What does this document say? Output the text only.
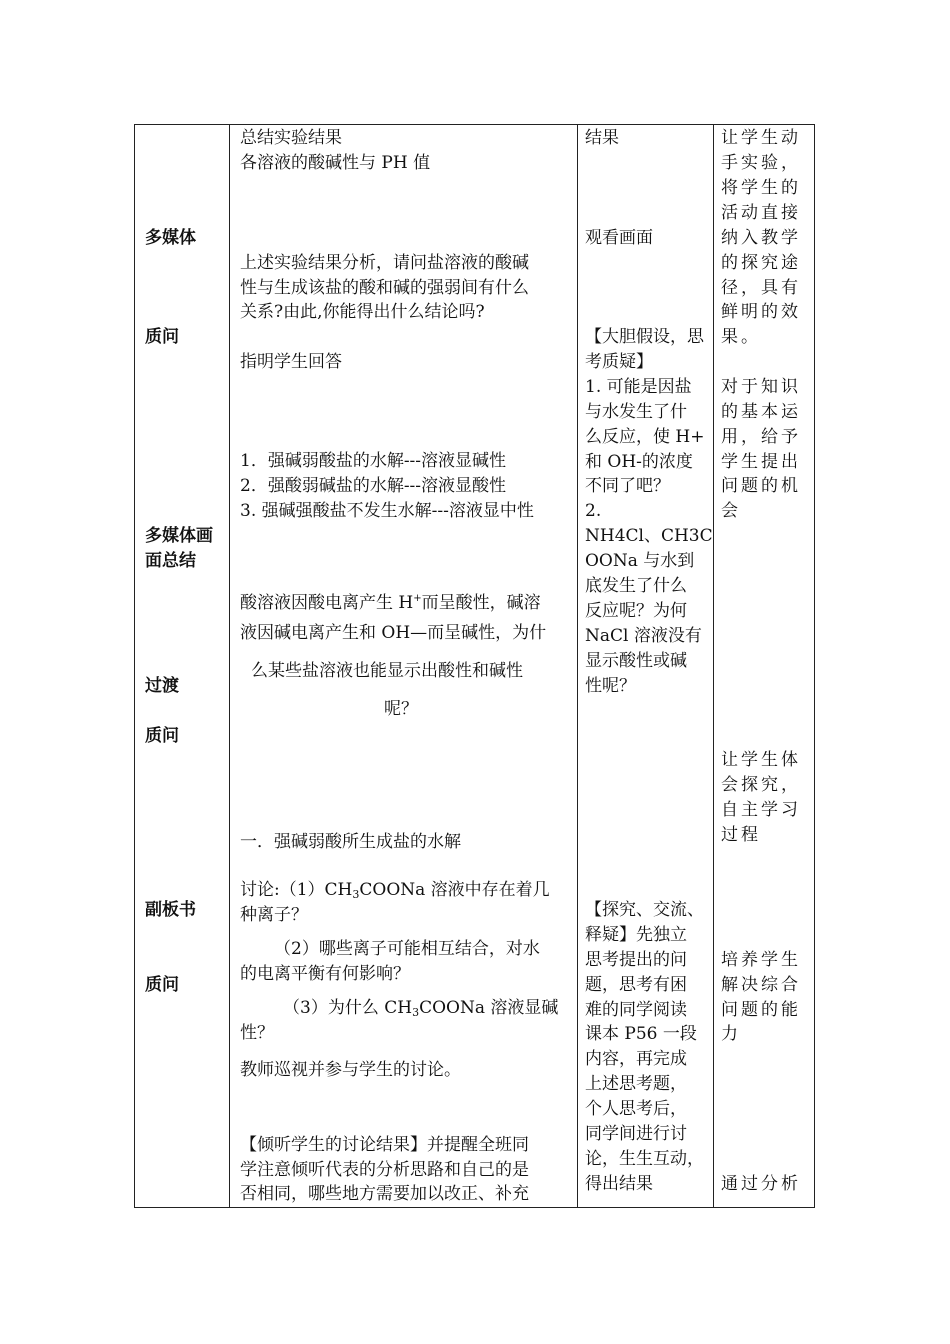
多媒体
质问
多媒体画
面总结
过渡
质问
副板书
质问
总结实验结果
各溶液的酸碱性与 PH 值
上述实验结果分析，请问盐溶液的酸碱
性与生成该盐的酸和碱的强弱间有什么
关系?由此,你能得出什么结论吗?
指明学生回答
1．强碱弱酸盐的水解---溶液显碱性
2．强酸弱碱盐的水解---溶液显酸性
3. 强碱强酸盐不发生水解---溶液显中性
酸溶液因酸电离产生 H+而呈酸性，碱溶
液因碱电离产生和 OH—而呈碱性，为什
么某些盐溶液也能显示出酸性和碱性
呢？
一．强碱弱酸所生成盐的水解
讨论$:(1)CH_3COONa$ 溶液中存在着几
种离子？
（2）哪些离子可能相互结合，对水
的电离平衡有何影响？
（3）为什么 $CH_3COONa$ 溶液显碱
性？
教师巡视并参与学生的讨论。
【倾听学生的讨论结果】并提醒全班同
学注意倾听代表的分析思路和自己的是
否相同，哪些地方需要加以改正、补充
结果
观看画面
【大胆假设，思
考质疑】
1. 可能是因盐
与水发生了什
么反应，使 H+
和 OH-的浓度
不同了吧？
2.
NH4Cl、CH3C
OONa 与水到
底发生了什么
反应呢？为何
NaCl 溶液没有
显示酸性或碱
性呢？
【探究、交流、
释疑】先独立
思考提出的问
题，思考有困
难的同学阅读
课本 P56 一段
内容，再完成
上述思考题，
个人思考后，
同学间进行讨
论，生生互动，
得出结果
让学生动
手实验，
将学生的
活动直接
纳入教学
的探究途
径，具有
鲜明的效
果。
对于知识
的基本运
用，给予
学生提出
问题的机
会
让学生体
会探究，
自主学习
过程
培养学生
解决综合
问题的能
力
通过分析
